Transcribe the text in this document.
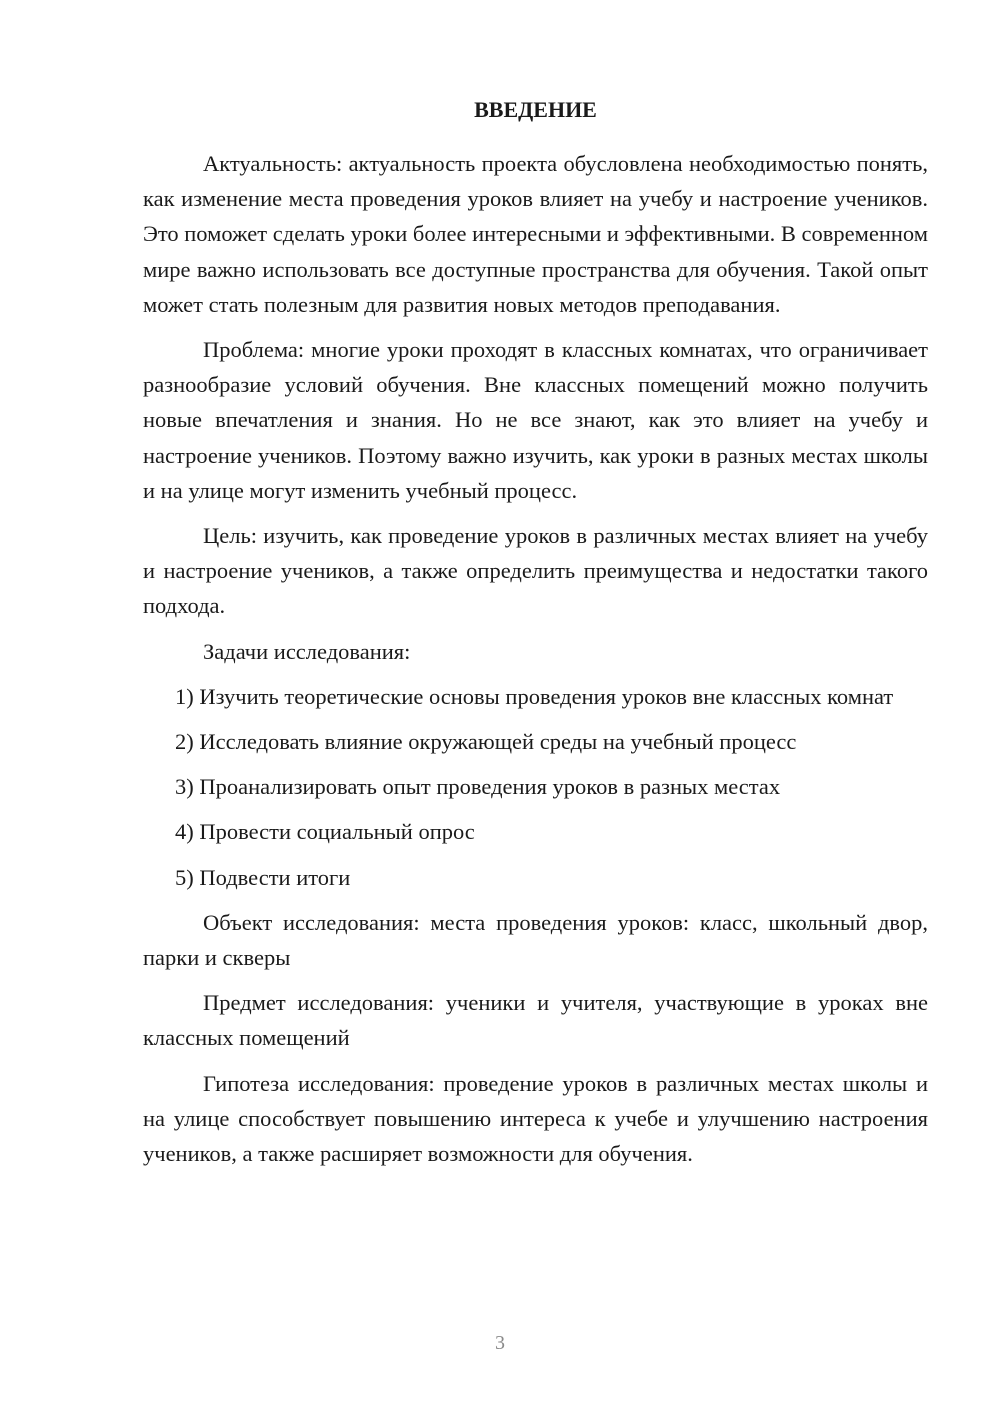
ВВЕДЕНИЕ

Актуальность: актуальность проекта обусловлена необходимостью понять, как изменение места проведения уроков влияет на учебу и настроение учеников. Это поможет сделать уроки более интересными и эффективными. В современном мире важно использовать все доступные пространства для обучения. Такой опыт может стать полезным для развития новых методов преподавания.

Проблема: многие уроки проходят в классных комнатах, что ограничивает разнообразие условий обучения. Вне классных помещений можно получить новые впечатления и знания. Но не все знают, как это влияет на учебу и настроение учеников. Поэтому важно изучить, как уроки в разных местах школы и на улице могут изменить учебный процесс.

Цель: изучить, как проведение уроков в различных местах влияет на учебу и настроение учеников, а также определить преимущества и недостатки такого подхода.

Задачи исследования:

1) Изучить теоретические основы проведения уроков вне классных комнат

2) Исследовать влияние окружающей среды на учебный процесс

3) Проанализировать опыт проведения уроков в разных местах

4) Провести социальный опрос

5) Подвести итоги

Объект исследования: места проведения уроков: класс, школьный двор, парки и скверы

Предмет исследования: ученики и учителя, участвующие в уроках вне классных помещений

Гипотеза исследования: проведение уроков в различных местах школы и на улице способствует повышению интереса к учебе и улучшению настроения учеников, а также расширяет возможности для обучения.

3
